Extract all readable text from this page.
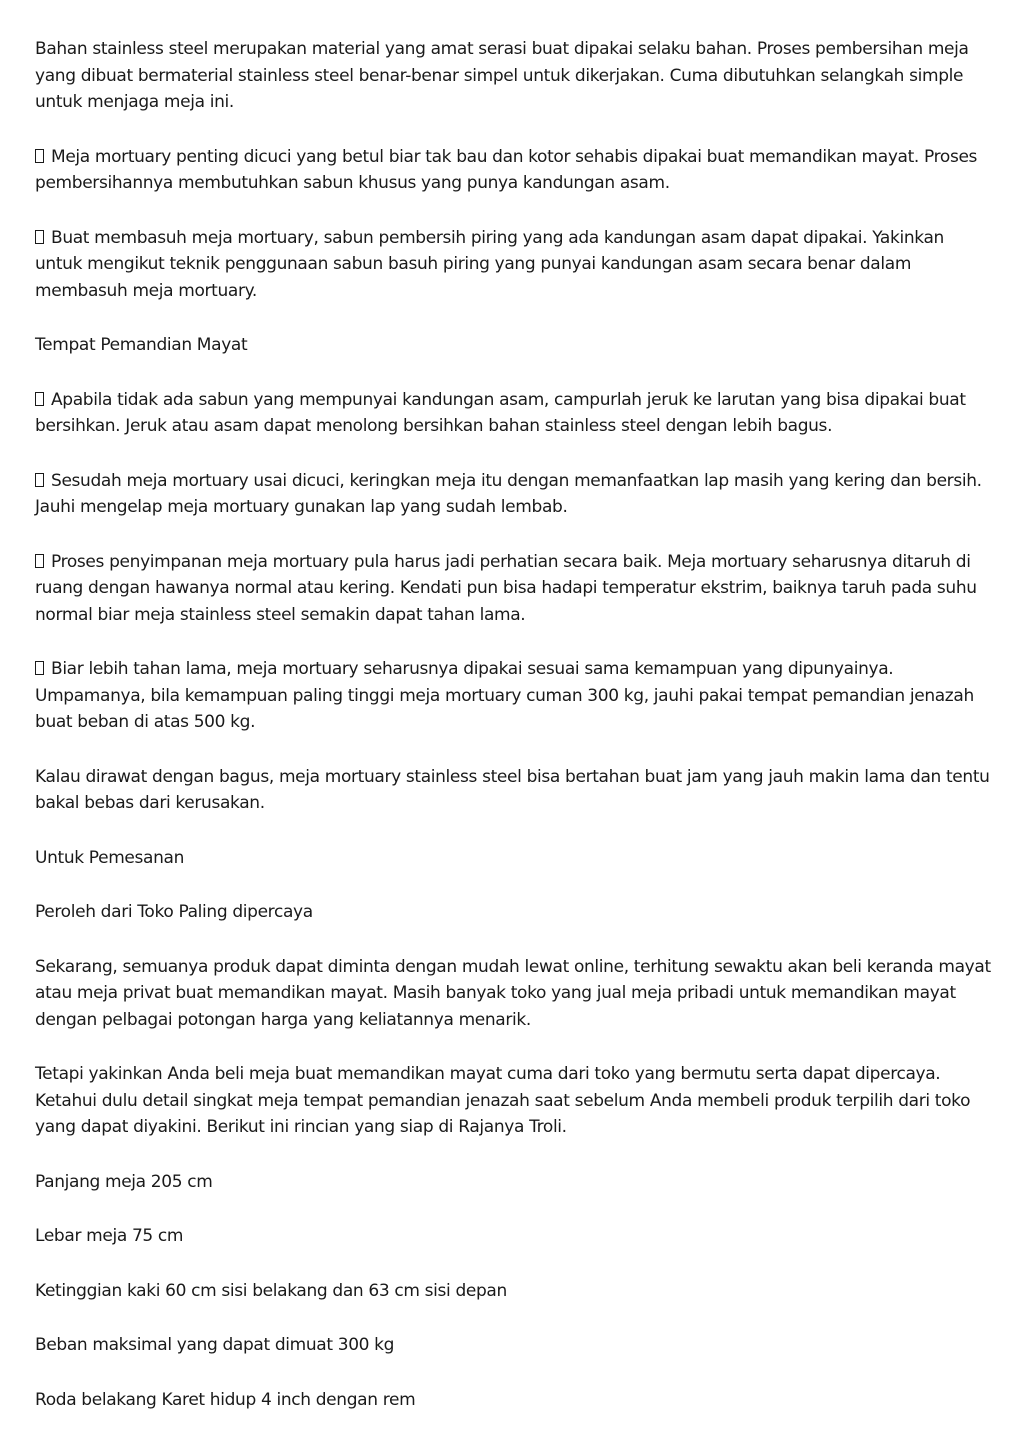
Bahan stainless steel merupakan material yang amat serasi buat dipakai selaku bahan. Proses pembersihan meja yang dibuat bermaterial stainless steel benar-benar simpel untuk dikerjakan. Cuma dibutuhkan selangkah simple untuk menjaga meja ini.

Meja mortuary penting dicuci yang betul biar tak bau dan kotor sehabis dipakai buat memandikan mayat. Proses pembersihannya membutuhkan sabun khusus yang punya kandungan asam.

Buat membasuh meja mortuary, sabun pembersih piring yang ada kandungan asam dapat dipakai. Yakinkan untuk mengikut teknik penggunaan sabun basuh piring yang punyai kandungan asam secara benar dalam membasuh meja mortuary.

Tempat Pemandian Mayat

Apabila tidak ada sabun yang mempunyai kandungan asam, campurlah jeruk ke larutan yang bisa dipakai buat bersihkan. Jeruk atau asam dapat menolong bersihkan bahan stainless steel dengan lebih bagus.

Sesudah meja mortuary usai dicuci, keringkan meja itu dengan memanfaatkan lap masih yang kering dan bersih. Jauhi mengelap meja mortuary gunakan lap yang sudah lembab.

Proses penyimpanan meja mortuary pula harus jadi perhatian secara baik. Meja mortuary seharusnya ditaruh di ruang dengan hawanya normal atau kering. Kendati pun bisa hadapi temperatur ekstrim, baiknya taruh pada suhu normal biar meja stainless steel semakin dapat tahan lama.

Biar lebih tahan lama, meja mortuary seharusnya dipakai sesuai sama kemampuan yang dipunyainya. Umpamanya, bila kemampuan paling tinggi meja mortuary cuman 300 kg, jauhi pakai tempat pemandian jenazah buat beban di atas 500 kg.

Kalau dirawat dengan bagus, meja mortuary stainless steel bisa bertahan buat jam yang jauh makin lama dan tentu bakal bebas dari kerusakan.

Untuk Pemesanan

Peroleh dari Toko Paling dipercaya

Sekarang, semuanya produk dapat diminta dengan mudah lewat online, terhitung sewaktu akan beli keranda mayat atau meja privat buat memandikan mayat. Masih banyak toko yang jual meja pribadi untuk memandikan mayat dengan pelbagai potongan harga yang keliatannya menarik.

Tetapi yakinkan Anda beli meja buat memandikan mayat cuma dari toko yang bermutu serta dapat dipercaya. Ketahui dulu detail singkat meja tempat pemandian jenazah saat sebelum Anda membeli produk terpilih dari toko yang dapat diyakini. Berikut ini rincian yang siap di Rajanya Troli.

Panjang meja 205 cm

Lebar meja 75 cm

Ketinggian kaki 60 cm sisi belakang dan 63 cm sisi depan

Beban maksimal yang dapat dimuat 300 kg

Roda belakang Karet hidup 4 inch dengan rem
